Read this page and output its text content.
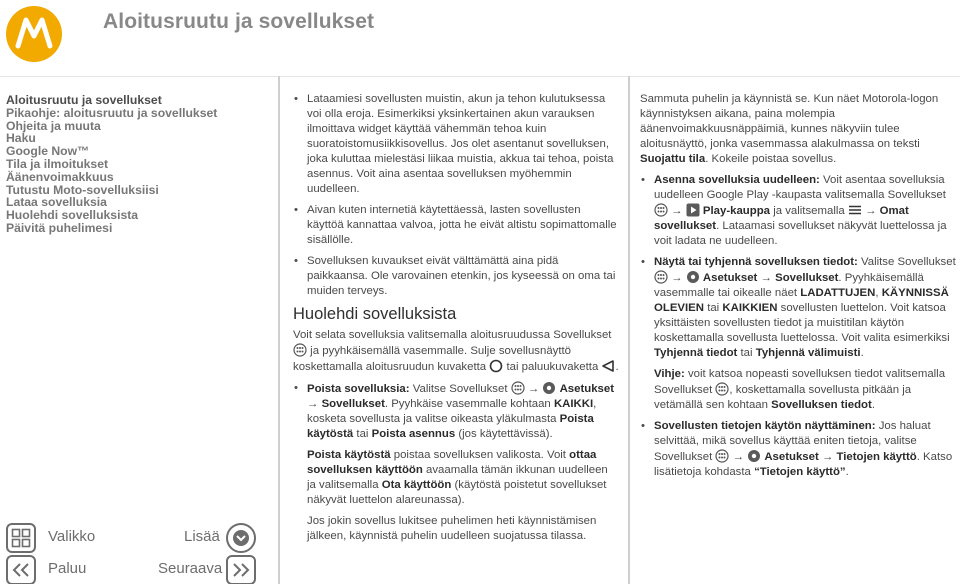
Aloitusruutu ja sovellukset
Aloitusruutu ja sovellukset
Pikaohje: aloitusruutu ja sovellukset
Ohjeita ja muuta
Haku
Google Now™
Tila ja ilmoitukset
Äänenvoimakkuus
Tutustu Moto-sovelluksiisi
Lataa sovelluksia
Huolehdi sovelluksista
Päivitä puhelimesi
Valikko	Lisää
Paluu	Seuraava
• Lataamiesi sovellusten muistin, akun ja tehon kulutuksessa voi olla eroja. Esimerkiksi yksinkertainen akun varauksen ilmoittava widget käyttää vähemmän tehoa kuin suoratoistomusiikkisovellus. Jos olet asentanut sovelluksen, joka kuluttaa mielestäsi liikaa muistia, akkua tai tehoa, poista asennus. Voit aina asentaa sovelluksen myöhemmin uudelleen.
• Aivan kuten internetiä käytettäessä, lasten sovellusten käyttöä kannattaa valvoa, jotta he eivät altistu sopimattomalle sisällölle.
• Sovelluksen kuvaukset eivät välttämättä aina pidä paikkaansa. Ole varovainen etenkin, jos kyseessä on oma tai muiden terveys.
Huolehdi sovelluksista

Voit selata sovelluksia valitsemalla aloitusruudussa Sovellukset  ja pyyhkäisemällä vasemmalle. Sulje sovellusnäyttö koskettamalla aloitusruudun kuvaketta tai paluukuvaketta .

• Poista sovelluksia: Valitse Sovellukset → Asetukset → Sovellukset. Pyyhkäise vasemmalle kohtaan KAIKKI, kosketa sovellusta ja valitse oikeasta yläkulmasta Poista käytöstä tai Poista asennus (jos käytettävissä).

Poista käytöstä poistaa sovelluksen valikosta. Voit ottaa sovelluksen käyttöön avaamalla tämän ikkunan uudelleen ja valitsemalla Ota käyttöön (käytöstä poistetut sovellukset näkyvät luettelon alareunassa).

Jos jokin sovellus lukitsee puhelimen heti käynnistämisen jälkeen, käynnistä puhelin uudelleen suojatussa tilassa.

Sammuta puhelin ja käynnistä se. Kun näet Motorola-logon käynnistyksen aikana, paina molempia äänenvoimakkuusnäppäimiä, kunnes näkyviin tulee aloitusnäyttö, jonka vasemmassa alakulmassa on teksti Suojattu tila. Kokeile poistaa sovellus.

• Asenna sovelluksia uudelleen: Voit asentaa sovelluksia uudelleen Google Play -kaupasta valitsemalla Sovellukset  → Play-kauppa ja valitsemalla → Omat sovellukset. Lataamasi sovellukset näkyvät luettelossa ja voit ladata ne uudelleen.
• Näytä tai tyhjennä sovelluksen tiedot: Valitse Sovellukset  → Asetukset → Sovellukset. Pyyhkäisemällä vasemmalle tai oikealle näet LADATTUJEN, KÄYNNISSÄ OLEVIEN tai KAIKKIEN sovellusten luettelon. Voit katsoa yksittäisten sovellusten tiedot ja muistitilan käytön koskettamalla sovellusta luettelossa. Voit valita esimerkiksi Tyhjennä tiedot tai Tyhjennä välimuisti.

Vihje: voit katsoa nopeasti sovelluksen tiedot valitsemalla Sovellukset , koskettamalla sovellusta pitkään ja vetämällä sen kohtaan Sovelluksen tiedot.

• Sovellusten tietojen käytön näyttäminen: Jos haluat selvittää, mikä sovellus käyttää eniten tietoja, valitse Sovellukset → Asetukset → Tietojen käyttö. Katso lisätietoja kohdasta “Tietojen käyttö”.
